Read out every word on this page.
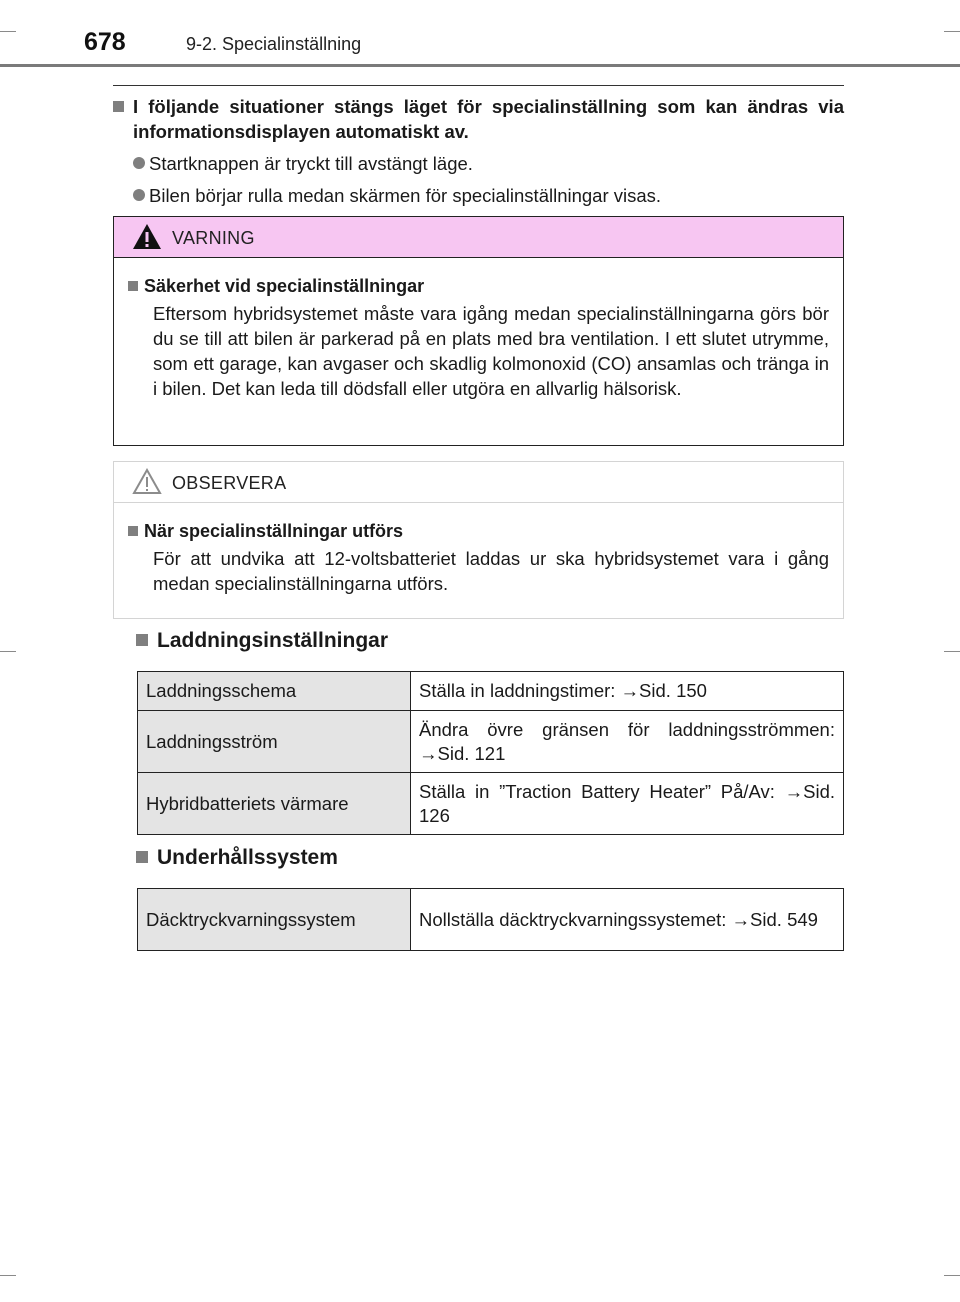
678	9-2. Specialinställning

I följande situationer stängs läget för specialinställning som kan ändras via informationsdisplayen automatiskt av.

Startknappen är tryckt till avstängt läge.
Bilen börjar rulla medan skärmen för specialinställningar visas.
VARNING
Säkerhet vid specialinställningar
Eftersom hybridsystemet måste vara igång medan specialinställningarna görs bör du se till att bilen är parkerad på en plats med bra ventilation. I ett slutet utrymme, som ett garage, kan avgaser och skadlig kolmonoxid (CO) ansamlas och tränga in i bilen. Det kan leda till dödsfall eller utgöra en allvarlig hälsorisk.
OBSERVERA
När specialinställningar utförs
För att undvika att 12-voltsbatteriet laddas ur ska hybridsystemet vara i gång medan specialinställningarna utförs.
Laddningsinställningar
Laddningsschema	Ställa in laddningstimer: →Sid. 150
Laddningsström	Ändra övre gränsen för laddningsströmmen: →Sid. 121
Hybridbatteriets värmare	Ställa in ”Traction Battery Heater” På/Av: →Sid. 126
Underhållssystem
Däcktryckvarningssystem	Nollställa däcktryckvarningssystemet: →Sid. 549
